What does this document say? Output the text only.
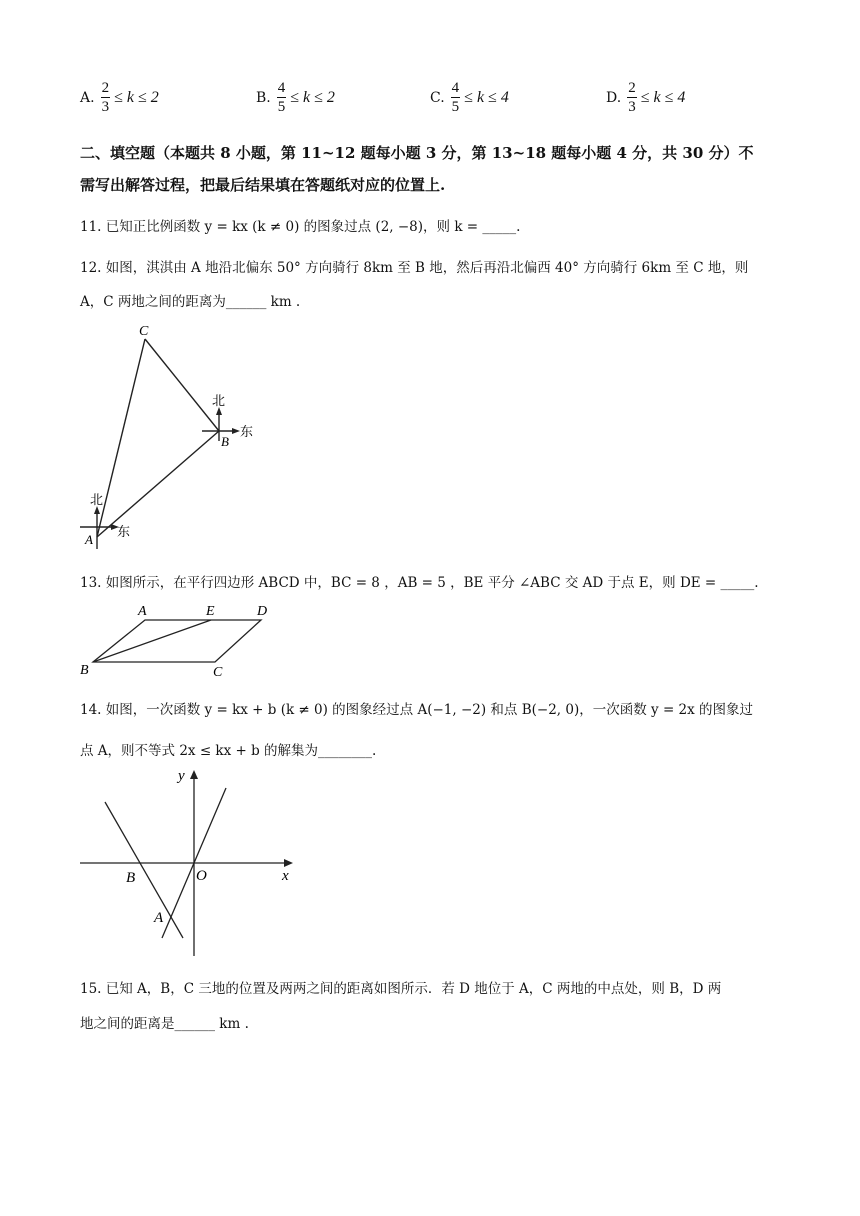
A. $\frac{2}{3} \le k \le 2$	B. $\frac{4}{5} \le k \le 2$	C. $\frac{4}{5} \le k \le 4$	D. $\frac{2}{3} \le k \le 4$
二、填空题（本题共 8 小题，第 11~12 题每小题 3 分，第 13~18 题每小题 4 分，共 30 分）不
需写出解答过程，把最后结果填在答题纸对应的位置上.
11. 已知正比例函数 y = kx (k ≠ 0) 的图象过点 (2, −8)，则 k = _____.
12. 如图，淇淇由 A 地沿北偏东 50° 方向骑行 8km 至 B 地，然后再沿北偏西 40° 方向骑行 6km 至 C 地，则
A，C 两地之间的距离为______ km .
C
B
A
北
东
北
东
13. 如图所示，在平行四边形 ABCD 中，BC = 8 ，AB = 5 ，BE 平分 ∠ABC 交 AD 于点 E，则 DE = _____.
A	E	D
B	C
14. 如图，一次函数 y = kx + b (k ≠ 0) 的图象经过点 A(−1, −2) 和点 B(−2, 0)，一次函数 y = 2x 的图象过
点 A，则不等式 2x ≤ kx + b 的解集为________.
y
x
O
B
A
15. 已知 A，B，C 三地的位置及两两之间的距离如图所示．若 D 地位于 A，C 两地的中点处，则 B，D 两
地之间的距离是______ km .
